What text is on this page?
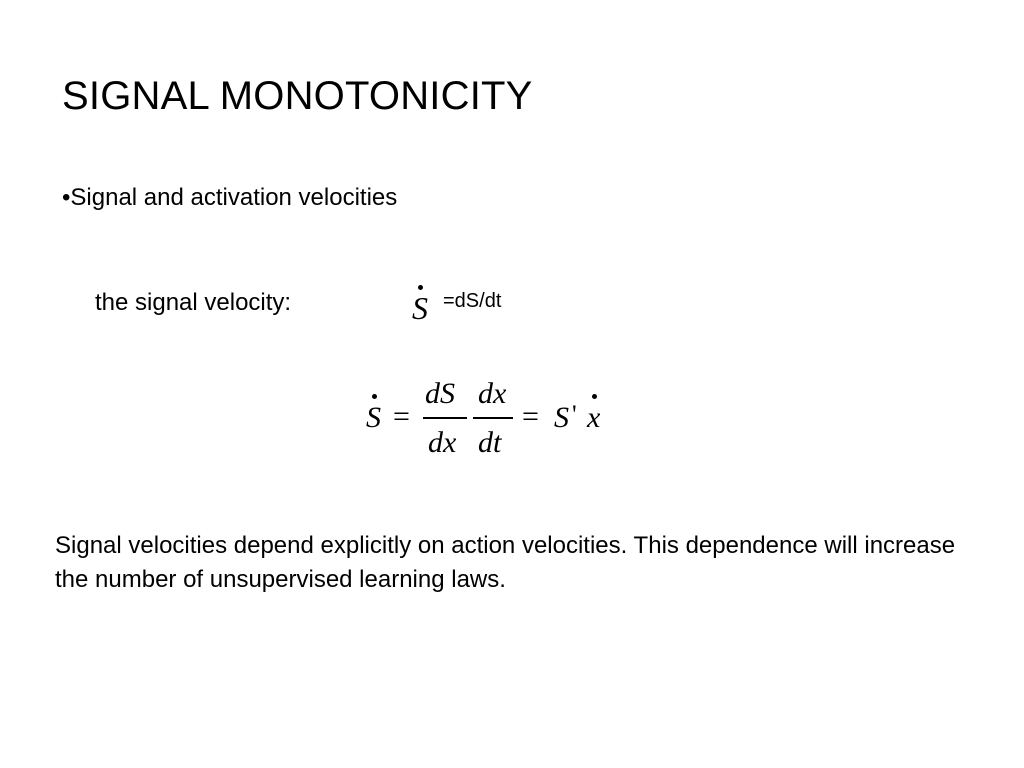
SIGNAL MONOTONICITY
•Signal and activation velocities
the signal velocity:	S =dS/dt
S =
dS
dx
dx
dt
= S ' x
Signal velocities depend explicitly on action velocities. This dependence will increase the number of unsupervised learning laws.
